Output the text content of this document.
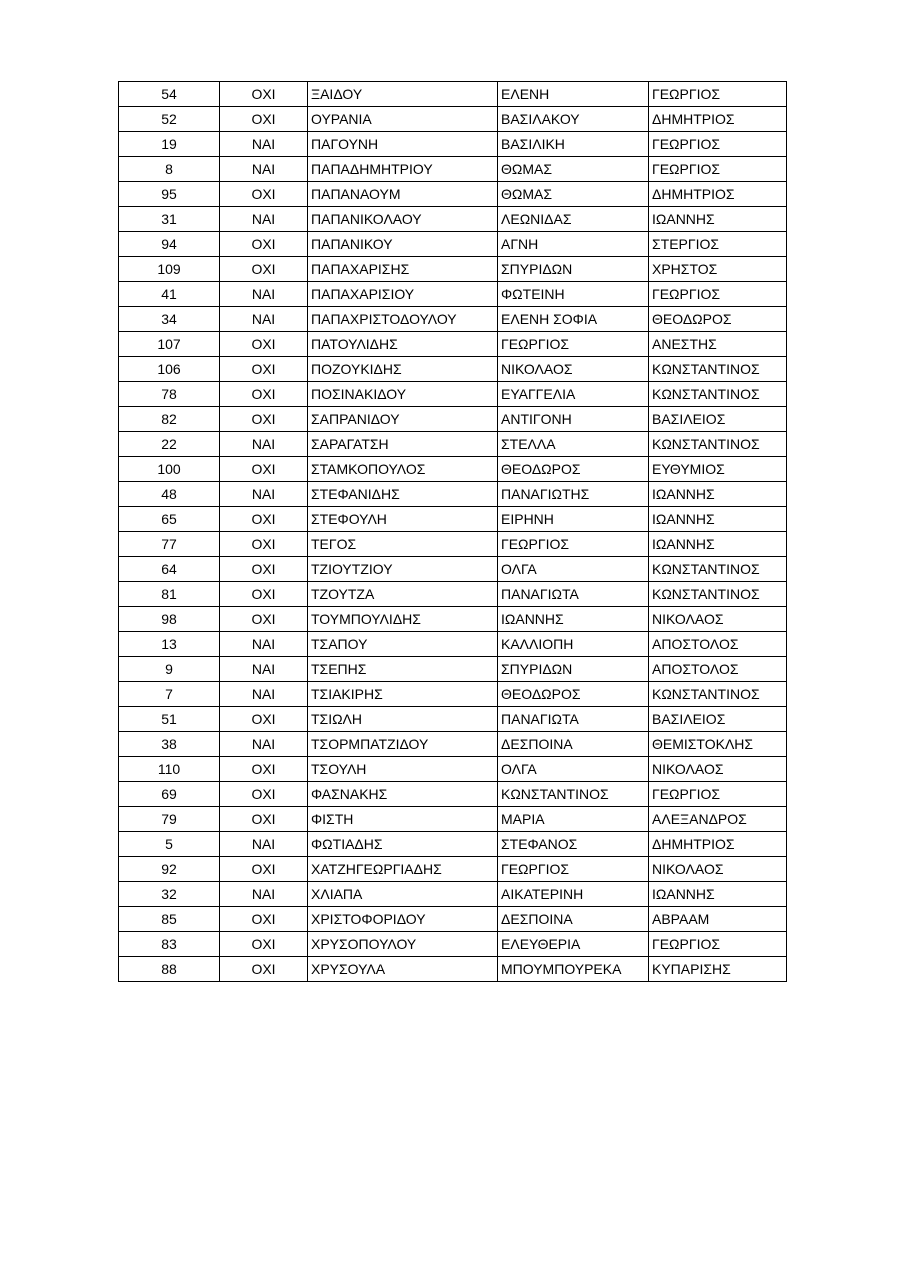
54	ΟΧΙ	ΞΑΙΔΟΥ	ΕΛΕΝΗ	ΓΕΩΡΓΙΟΣ
52	ΟΧΙ	ΟΥΡΑΝΙΑ	ΒΑΣΙΛΑΚΟΥ	ΔΗΜΗΤΡΙΟΣ
19	ΝΑΙ	ΠΑΓΟΥΝΗ	ΒΑΣΙΛΙΚΗ	ΓΕΩΡΓΙΟΣ
8	ΝΑΙ	ΠΑΠΑΔΗΜΗΤΡΙΟΥ	ΘΩΜΑΣ	ΓΕΩΡΓΙΟΣ
95	ΟΧΙ	ΠΑΠΑΝΑΟΥΜ	ΘΩΜΑΣ	ΔΗΜΗΤΡΙΟΣ
31	ΝΑΙ	ΠΑΠΑΝΙΚΟΛΑΟΥ	ΛΕΩΝΙΔΑΣ	ΙΩΑΝΝΗΣ
94	ΟΧΙ	ΠΑΠΑΝΙΚΟΥ	ΑΓΝΗ	ΣΤΕΡΓΙΟΣ
109	ΟΧΙ	ΠΑΠΑΧΑΡΙΣΗΣ	ΣΠΥΡΙΔΩΝ	ΧΡΗΣΤΟΣ
41	ΝΑΙ	ΠΑΠΑΧΑΡΙΣΙΟΥ	ΦΩΤΕΙΝΗ	ΓΕΩΡΓΙΟΣ
34	ΝΑΙ	ΠΑΠΑΧΡΙΣΤΟΔΟΥΛΟΥ	ΕΛΕΝΗ ΣΟΦΙΑ	ΘΕΟΔΩΡΟΣ
107	ΟΧΙ	ΠΑΤΟΥΛΙΔΗΣ	ΓΕΩΡΓΙΟΣ	ΑΝΕΣΤΗΣ
106	ΟΧΙ	ΠΟΖΟΥΚΙΔΗΣ	ΝΙΚΟΛΑΟΣ	ΚΩΝΣΤΑΝΤΙΝΟΣ
78	ΟΧΙ	ΠΟΣΙΝΑΚΙΔΟΥ	ΕΥΑΓΓΕΛΙΑ	ΚΩΝΣΤΑΝΤΙΝΟΣ
82	ΟΧΙ	ΣΑΠΡΑΝΙΔΟΥ	ΑΝΤΙΓΟΝΗ	ΒΑΣΙΛΕΙΟΣ
22	ΝΑΙ	ΣΑΡΑΓΑΤΣΗ	ΣΤΕΛΛΑ	ΚΩΝΣΤΑΝΤΙΝΟΣ
100	ΟΧΙ	ΣΤΑΜΚΟΠΟΥΛΟΣ	ΘΕΟΔΩΡΟΣ	ΕΥΘΥΜΙΟΣ
48	ΝΑΙ	ΣΤΕΦΑΝΙΔΗΣ	ΠΑΝΑΓΙΩΤΗΣ	ΙΩΑΝΝΗΣ
65	ΟΧΙ	ΣΤΕΦΟΥΛΗ	ΕΙΡΗΝΗ	ΙΩΑΝΝΗΣ
77	ΟΧΙ	ΤΕΓΟΣ	ΓΕΩΡΓΙΟΣ	ΙΩΑΝΝΗΣ
64	ΟΧΙ	ΤΖΙΟΥΤΖΙΟΥ	ΟΛΓΑ	ΚΩΝΣΤΑΝΤΙΝΟΣ
81	ΟΧΙ	ΤΖΟΥΤΖΑ	ΠΑΝΑΓΙΩΤΑ	ΚΩΝΣΤΑΝΤΙΝΟΣ
98	ΟΧΙ	ΤΟΥΜΠΟΥΛΙΔΗΣ	ΙΩΑΝΝΗΣ	ΝΙΚΟΛΑΟΣ
13	ΝΑΙ	ΤΣΑΠΟΥ	ΚΑΛΛΙΟΠΗ	ΑΠΟΣΤΟΛΟΣ
9	ΝΑΙ	ΤΣΕΠΗΣ	ΣΠΥΡΙΔΩΝ	ΑΠΟΣΤΟΛΟΣ
7	ΝΑΙ	ΤΣΙΑΚΙΡΗΣ	ΘΕΟΔΩΡΟΣ	ΚΩΝΣΤΑΝΤΙΝΟΣ
51	ΟΧΙ	ΤΣΙΩΛΗ	ΠΑΝΑΓΙΩΤΑ	ΒΑΣΙΛΕΙΟΣ
38	ΝΑΙ	ΤΣΟΡΜΠΑΤΖΙΔΟΥ	ΔΕΣΠΟΙΝΑ	ΘΕΜΙΣΤΟΚΛΗΣ
110	ΟΧΙ	ΤΣΟΥΛΗ	ΟΛΓΑ	ΝΙΚΟΛΑΟΣ
69	ΟΧΙ	ΦΑΣΝΑΚΗΣ	ΚΩΝΣΤΑΝΤΙΝΟΣ	ΓΕΩΡΓΙΟΣ
79	ΟΧΙ	ΦΙΣΤΗ	ΜΑΡΙΑ	ΑΛΕΞΑΝΔΡΟΣ
5	ΝΑΙ	ΦΩΤΙΑΔΗΣ	ΣΤΕΦΑΝΟΣ	ΔΗΜΗΤΡΙΟΣ
92	ΟΧΙ	ΧΑΤΖΗΓΕΩΡΓΙΑΔΗΣ	ΓΕΩΡΓΙΟΣ	ΝΙΚΟΛΑΟΣ
32	ΝΑΙ	ΧΛΙΑΠΑ	ΑΙΚΑΤΕΡΙΝΗ	ΙΩΑΝΝΗΣ
85	ΟΧΙ	ΧΡΙΣΤΟΦΟΡΙΔΟΥ	ΔΕΣΠΟΙΝΑ	ΑΒΡΑΑΜ
83	ΟΧΙ	ΧΡΥΣΟΠΟΥΛΟΥ	ΕΛΕΥΘΕΡΙΑ	ΓΕΩΡΓΙΟΣ
88	ΟΧΙ	ΧΡΥΣΟΥΛΑ	ΜΠΟΥΜΠΟΥΡΕΚΑ	ΚΥΠΑΡΙΣΗΣ
